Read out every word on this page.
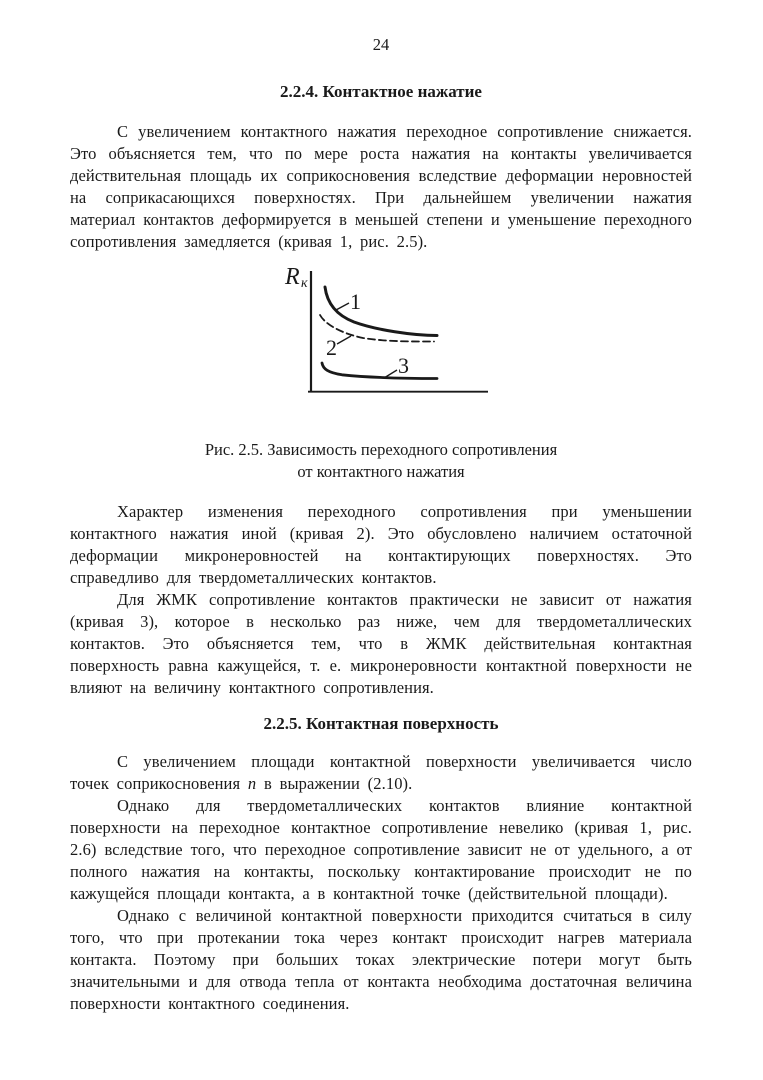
24
2.2.4. Контактное нажатие

С увеличением контактного нажатия переходное сопротивление снижается. Это объясняется тем, что по мере роста нажатия на контакты увеличивается действительная площадь их соприкосновения вследствие деформации неровностей на соприкасающихся поверхностях. При дальнейшем увеличении нажатия материал контактов деформируется в меньшей степени и уменьшение переходного сопротивления замедляется (кривая 1, рис. 2.5).

R к
1
2
3
Рис. 2.5. Зависимость переходного сопротивления
от контактного нажатия

Характер изменения переходного сопротивления при уменьшении контактного нажатия иной (кривая 2). Это обусловлено наличием остаточной деформации микронеровностей на контактирующих поверхностях. Это справедливо для твердометаллических контактов.

Для ЖМК сопротивление контактов практически не зависит от нажатия (кривая 3), которое в несколько раз ниже, чем для твердометаллических контактов. Это объясняется тем, что в ЖМК действительная контактная поверхность равна кажущейся, т. е. микронеровности контактной поверхности не влияют на величину контактного сопротивления.

2.2.5. Контактная поверхность

С увеличением площади контактной поверхности увеличивается число точек соприкосновения n в выражении (2.10).

Однако для твердометаллических контактов влияние контактной поверхности на переходное контактное сопротивление невелико (кривая 1, рис. 2.6) вследствие того, что переходное сопротивление зависит не от удельного, а от полного нажатия на контакты, поскольку контактирование происходит не по кажущейся площади контакта, а в контактной точке (действительной площади).

Однако с величиной контактной поверхности приходится считаться в силу того, что при протекании тока через контакт происходит нагрев материала контакта. Поэтому при больших токах электрические потери могут быть значительными и для отвода тепла от контакта необходима достаточная величина поверхности контактного соединения.
